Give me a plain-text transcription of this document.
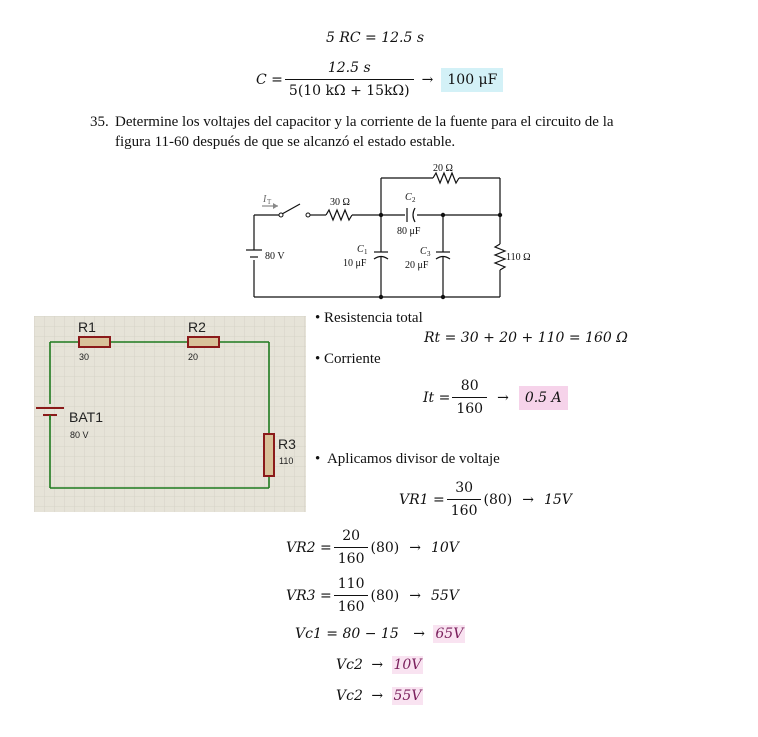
5 RC = 12.5 s
$C = \frac{12.5 s}{5(10 k\Omega + 15k\Omega)}$ →	100 μF
35. Determine los voltajes del capacitor y la corriente de la fuente para el circuito de la
figura 11-60 después de que se alcanzó el estado estable.
20 Ω
C 2
80 μF
I T	30 Ω
80 V
C 1
10 μF
C 3
20 μF
110 Ω
R1
30
R2
20
BAT1
80 V
R3
110
• Resistencia total
Rt = 30 + 20 + 110 = 160 Ω
• Corriente
$It = \frac{80}{160}$ →	0.5 A
• Aplicamos divisor de voltaje
$VR1 = \frac{30}{160} (80) \to 15V$
$VR2 = \frac{20}{160} (80) \to 10V$
$VR3 = \frac{110}{160} (80) \to 55V$
Vc1 = 80 − 15 → 65V
Vc2 → 10V
Vc2 → 55V
